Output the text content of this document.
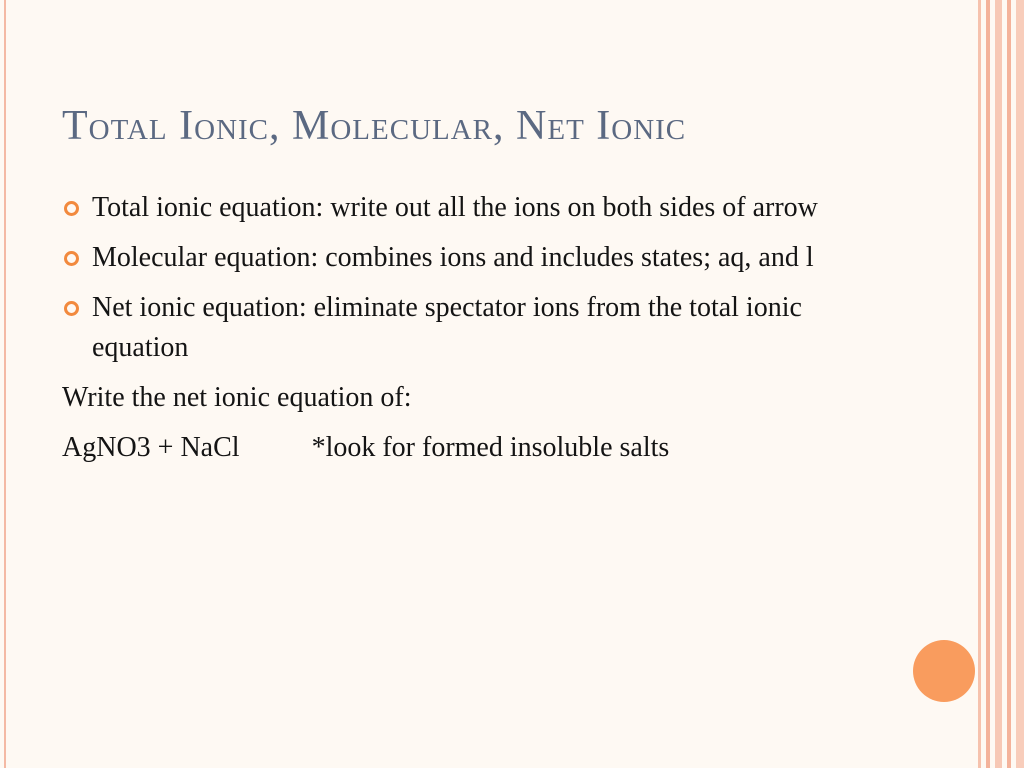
Total Ionic, Molecular, Net Ionic
Total ionic equation: write out all the ions on both sides of arrow
Molecular equation: combines ions and includes states; aq, and l
Net ionic equation: eliminate spectator ions from the total ionic equation

Write the net ionic equation of:

AgNO3 + NaCl	*look for formed insoluble salts
